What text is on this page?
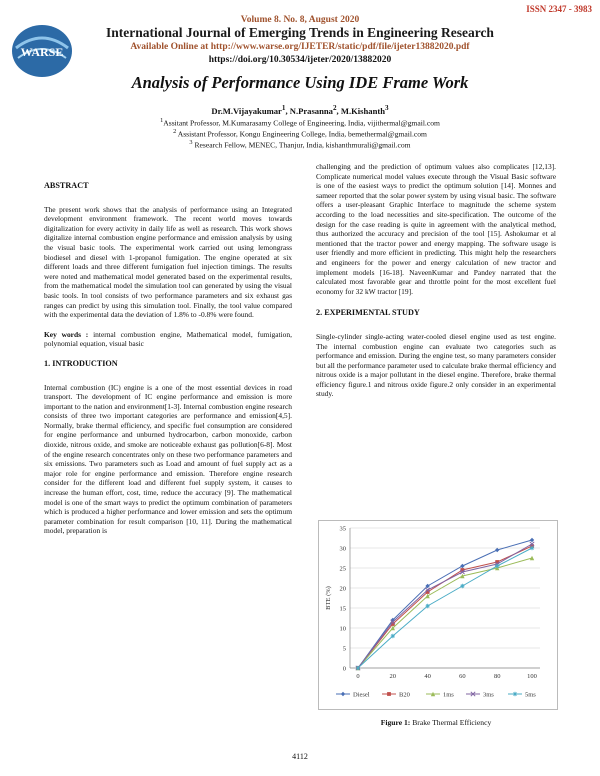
ISSN 2347 - 3983
WARSE
Volume 8. No. 8, August 2020
International Journal of Emerging Trends in Engineering Research
Available Online at http://www.warse.org/IJETER/static/pdf/file/ijeter13882020.pdf
https://doi.org/10.30534/ijeter/2020/13882020
Analysis of Performance Using IDE Frame Work
Dr.M.Vijayakumar$^1$, N.Prasanna$^2$, M.Kishanth$^3$
$^1$Assitant Professor, M.Kumarasamy College of Engineering, India, vijithermal@gmail.com
$^2$ Assistant Professor, Kongu Engineering College, India, bemethermal@gmail.com
$^3$ Research Fellow, MENEC, Thanjur, India, kishanthmurali@gmail.com

ABSTRACT

The present work shows that the analysis of performance using an Integrated development environment framework. The recent world moves towards digitalization for every activity in daily life as well as research. This work shows digitalize internal combustion engine performance and emission analysis by using the visual basic tools. The experimental work carried out using lemongrass biodiesel and diesel with 1-propanol fumigation. The engine operated at six different loads and three different fumigation fuel injection timings. The results were noted and mathematical model generated based on the experimental results, from the mathematical model the simulation tool can generated by using the visual basic tools. In tool consists of two performance parameters and six exhaust gas ranges can predict by using this simulation tool. Finally, the tool value compared with the experimental data the deviation of 1.8% to -0.8% were found.

Key words : internal combustion engine, Mathematical model, fumigation, polynomial equation, visual basic

1. INTRODUCTION

Internal combustion (IC) engine is a one of the most essential devices in road transport. The development of IC engine performance and emission is more important to the nation and environment[1-3]. Internal combustion engine research consists of three two important categories are performance and emission[4,5]. Normally, brake thermal efficiency, and specific fuel consumption are considered for engine performance and unburned hydrocarbon, carbon monoxide, carbon dioxide, nitrous oxide, and smoke are noticeable exhaust gas pollution[6-8]. Most of the engine research concentrates only on these two performance parameters and six emissions. Two parameters such as Load and amount of fuel supply act as a major role for engine performance and emission. Therefore engine research consider for the different load and different fuel supply system, it causes to increase the human effort, cost, time, reduce the accuracy [9]. The mathematical model is one of the smart ways to predict the optimum combination of parameters which is produced a higher performance and lower emission and sets the optimum parameter combination for result comparison [10, 11]. During the mathematical model, preparation is

challenging and the prediction of optimum values also complicates [12,13]. Complicate numerical model values execute through the Visual Basic software is one of the easiest ways to predict the optimum solution [14]. Monnes and sameer reported that the solar power system by using visual basic. The software offers a user-pleasant Graphic Interface to magnitude the scheme system according to the load necessities and site-specification. The outcome of the design for the case reading is quite in agreement with the analytical method, thus authorized the accuracy and precision of the tool [15]. Ashokumar et al mentioned that the tractor power and energy mapping. The software usage is user friendly and more efficient in predicting. This might help the researchers and engineers for the power and energy calculation of new tractor and implement models [16-18]. NaveenKumar and Pandey narrated that the calculated most favorable gear and throttle point for the most excellent fuel economy for 32 kW tractor [19].

2. EXPERIMENTAL STUDY

Single-cylinder single-acting water-cooled diesel engine used as test engine. The internal combustion engine can evaluate two categories such as performance and emission. During the engine test, so many parameters consider but all the performance parameter used to calculate brake thermal efficiency and nitrous oxide is a major pollutant in the diesel engine. Therefore, brake thermal efficiency figure.1 and nitrous oxide figure.2 only consider in an experimental study.

0
5
10
15
20
25
30
35
0	20	40	60	80	100
BTE (%)
Diesel	B20	1ms	3ms	5ms
Figure 1: Brake Thermal Efficiency
4112
